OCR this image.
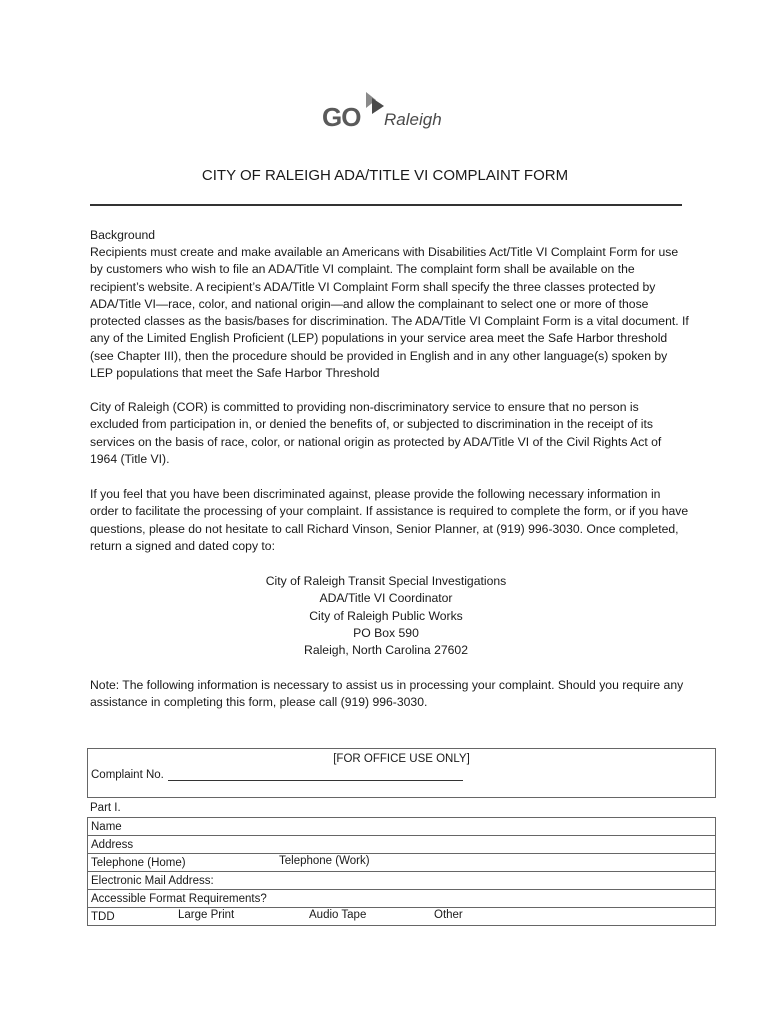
GO Raleigh
CITY OF RALEIGH ADA/TITLE VI COMPLAINT FORM
Background
Recipients must create and make available an Americans with Disabilities Act/Title VI Complaint Form for use by customers who wish to file an ADA/Title VI complaint. The complaint form shall be available on the recipient’s website. A recipient’s ADA/Title VI Complaint Form shall specify the three classes protected by ADA/Title VI—race, color, and national origin—and allow the complainant to select one or more of those protected classes as the basis/bases for discrimination. The ADA/Title VI Complaint Form is a vital document. If any of the Limited English Proficient (LEP) populations in your service area meet the Safe Harbor threshold (see Chapter III), then the procedure should be provided in English and in any other language(s) spoken by LEP populations that meet the Safe Harbor Threshold
City of Raleigh (COR) is committed to providing non-discriminatory service to ensure that no person is excluded from participation in, or denied the benefits of, or subjected to discrimination in the receipt of its services on the basis of race, color, or national origin as protected by ADA/Title VI of the Civil Rights Act of 1964 (Title VI).
If you feel that you have been discriminated against, please provide the following necessary information in order to facilitate the processing of your complaint. If assistance is required to complete the form, or if you have questions, please do not hesitate to call Richard Vinson, Senior Planner, at (919) 996-3030. Once completed, return a signed and dated copy to:
City of Raleigh Transit Special Investigations
ADA/Title VI Coordinator
City of Raleigh Public Works
PO Box 590
Raleigh, North Carolina 27602
Note: The following information is necessary to assist us in processing your complaint. Should you require any assistance in completing this form, please call (919) 996-3030.
[FOR OFFICE USE ONLY]
Complaint No.
Part I.
Name
Address
Telephone (Home)	Telephone (Work)

Electronic Mail Address:
Accessible Format Requirements?
TDD	Large Print	Audio Tape	Other
